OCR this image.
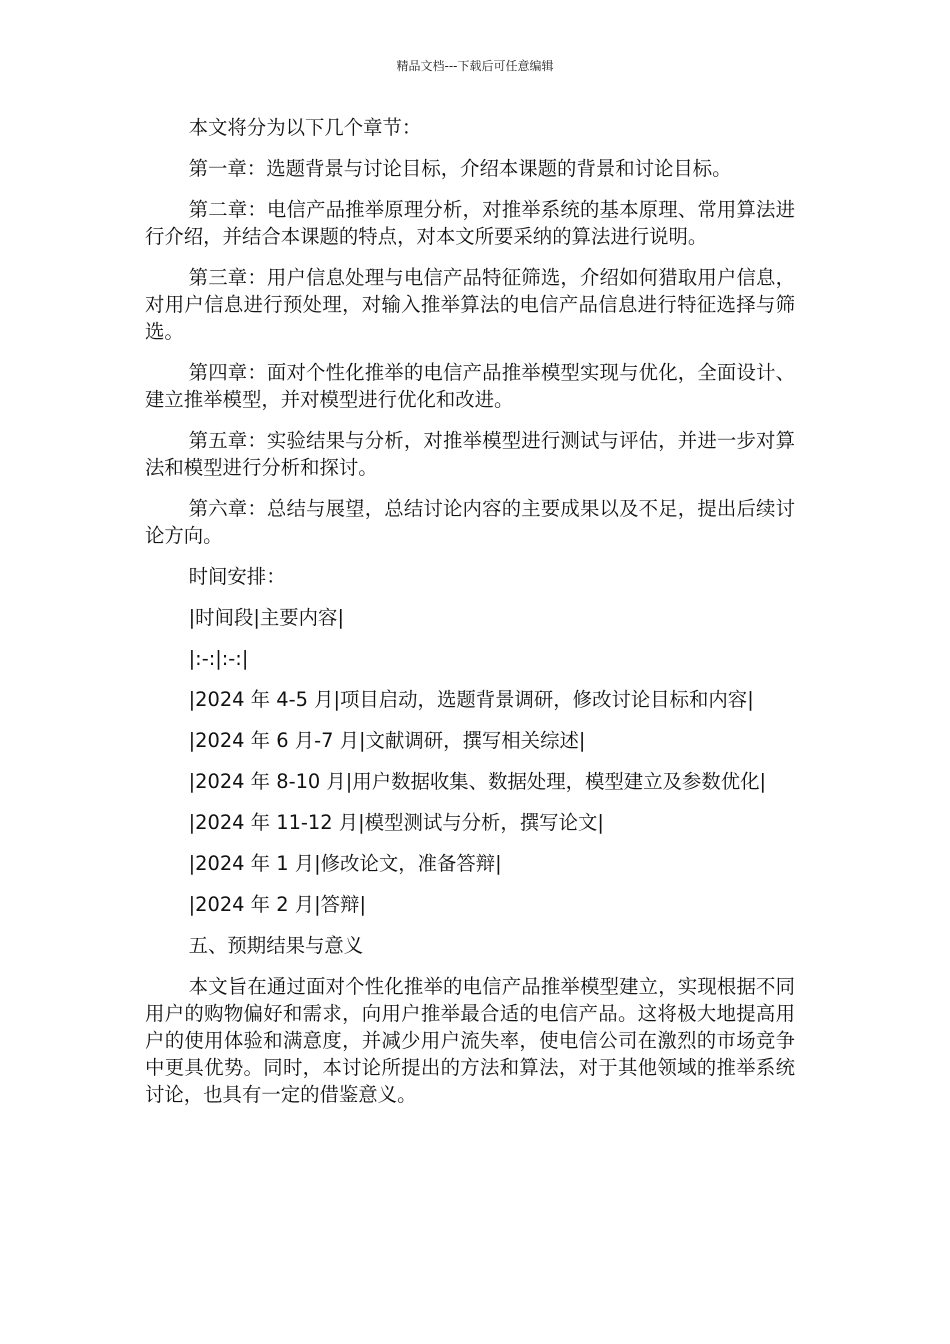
精品文档---下载后可任意编辑

本文将分为以下几个章节：

第一章：选题背景与讨论目标，介绍本课题的背景和讨论目标。

第二章：电信产品推举原理分析，对推举系统的基本原理、常用算法进行介绍，并结合本课题的特点，对本文所要采纳的算法进行说明。

第三章：用户信息处理与电信产品特征筛选，介绍如何猎取用户信息，对用户信息进行预处理，对输入推举算法的电信产品信息进行特征选择与筛选。

第四章：面对个性化推举的电信产品推举模型实现与优化，全面设计、建立推举模型，并对模型进行优化和改进。

第五章：实验结果与分析，对推举模型进行测试与评估，并进一步对算法和模型进行分析和探讨。

第六章：总结与展望，总结讨论内容的主要成果以及不足，提出后续讨论方向。

时间安排：

|时间段|主要内容|

|:-:|:-:|

|2024 年 4-5 月|项目启动，选题背景调研，修改讨论目标和内容|

|2024 年 6 月-7 月|文献调研，撰写相关综述|

|2024 年 8-10 月|用户数据收集、数据处理，模型建立及参数优化|

|2024 年 11-12 月|模型测试与分析，撰写论文|

|2024 年 1 月|修改论文，准备答辩|

|2024 年 2 月|答辩|

五、预期结果与意义

本文旨在通过面对个性化推举的电信产品推举模型建立，实现根据不同用户的购物偏好和需求，向用户推举最合适的电信产品。这将极大地提高用户的使用体验和满意度，并减少用户流失率，使电信公司在激烈的市场竞争中更具优势。同时，本讨论所提出的方法和算法，对于其他领域的推举系统讨论，也具有一定的借鉴意义。
